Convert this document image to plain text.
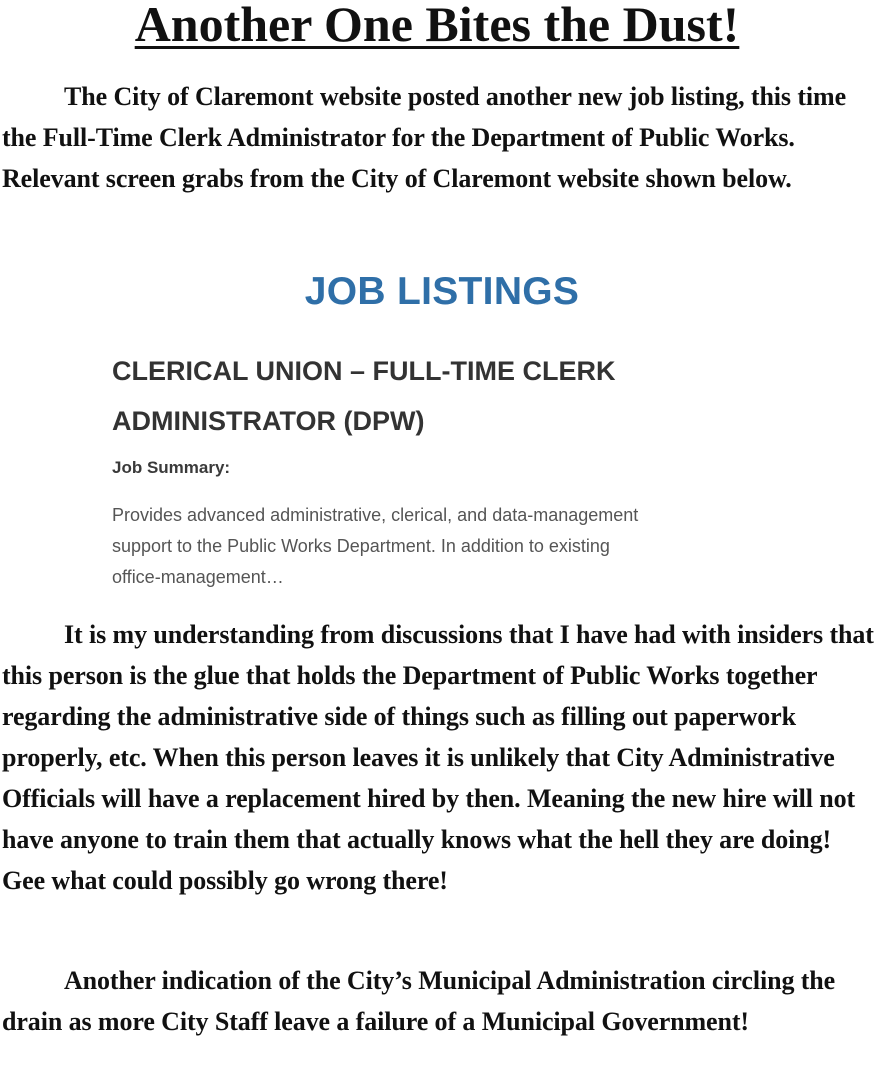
Another One Bites the Dust!

The City of Claremont website posted another new job listing, this time the Full-Time Clerk Administrator for the Department of Public Works. Relevant screen grabs from the City of Claremont website shown below.

JOB LISTINGS
CLERICAL UNION – FULL-TIME CLERK
ADMINISTRATOR (DPW)
Job Summary:
Provides advanced administrative, clerical, and data-management
support to the Public Works Department. In addition to existing
office-management…

It is my understanding from discussions that I have had with insiders that this person is the glue that holds the Department of Public Works together regarding the administrative side of things such as filling out paperwork properly, etc. When this person leaves it is unlikely that City Administrative Officials will have a replacement hired by then. Meaning the new hire will not have anyone to train them that actually knows what the hell they are doing! Gee what could possibly go wrong there!

Another indication of the City’s Municipal Administration circling the drain as more City Staff leave a failure of a Municipal Government!
